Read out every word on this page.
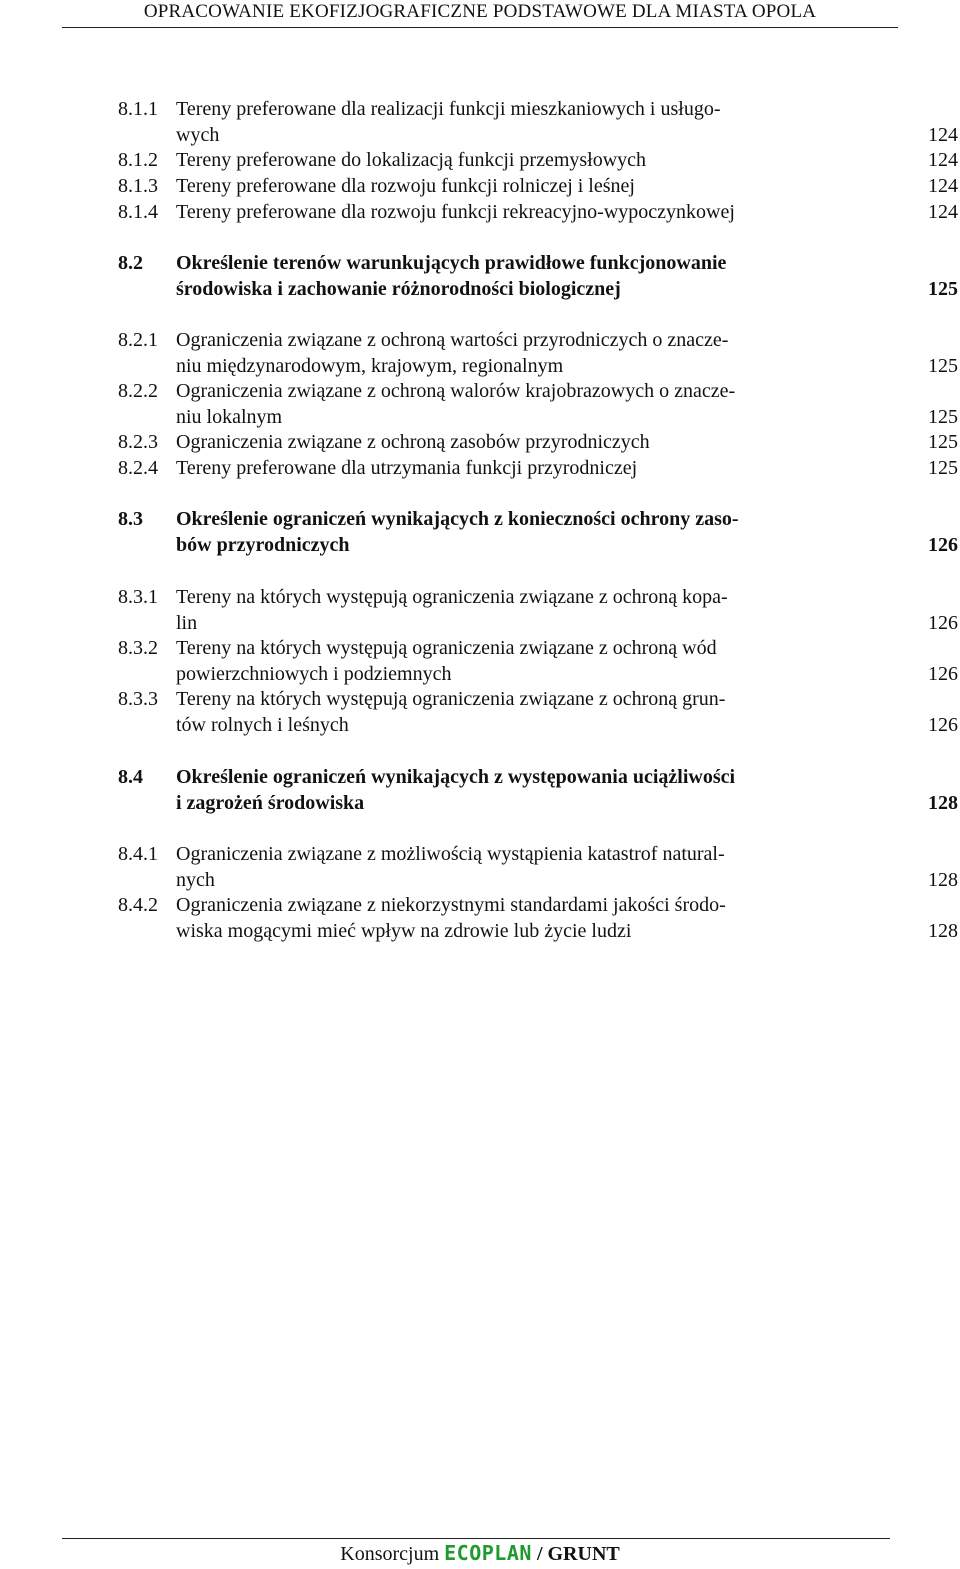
OPRACOWANIE EKOFIZJOGRAFICZNE PODSTAWOWE DLA MIASTA OPOLA
8.1.1 Tereny preferowane dla realizacji funkcji mieszkaniowych i usługo-
wych	124
8.1.2 Tereny preferowane do lokalizacją funkcji przemysłowych	124
8.1.3 Tereny preferowane dla rozwoju funkcji rolniczej i leśnej	124
8.1.4 Tereny preferowane dla rozwoju funkcji rekreacyjno-wypoczynkowej	124
8.2 Określenie terenów warunkujących prawidłowe funkcjonowanie
środowiska i zachowanie różnorodności biologicznej	125
8.2.1 Ograniczenia związane z ochroną wartości przyrodniczych o znacze-
niu międzynarodowym, krajowym, regionalnym	125
8.2.2 Ograniczenia związane z ochroną walorów krajobrazowych o znacze-
niu lokalnym	125
8.2.3 Ograniczenia związane z ochroną zasobów przyrodniczych	125
8.2.4 Tereny preferowane dla utrzymania funkcji przyrodniczej	125
8.3 Określenie ograniczeń wynikających z konieczności ochrony zaso-
bów przyrodniczych	126
8.3.1 Tereny na których występują ograniczenia związane z ochroną kopa-
lin	126
8.3.2 Tereny na których występują ograniczenia związane z ochroną wód
powierzchniowych i podziemnych	126
8.3.3 Tereny na których występują ograniczenia związane z ochroną grun-
tów rolnych i leśnych	126
8.4 Określenie ograniczeń wynikających z występowania uciążliwości
i zagrożeń środowiska	128
8.4.1 Ograniczenia związane z możliwością wystąpienia katastrof natural-
nych	128
8.4.2 Ograniczenia związane z niekorzystnymi standardami jakości środo-
wiska mogącymi mieć wpływ na zdrowie lub życie ludzi	128
Konsorcjum ECOPLAN / GRUNT
